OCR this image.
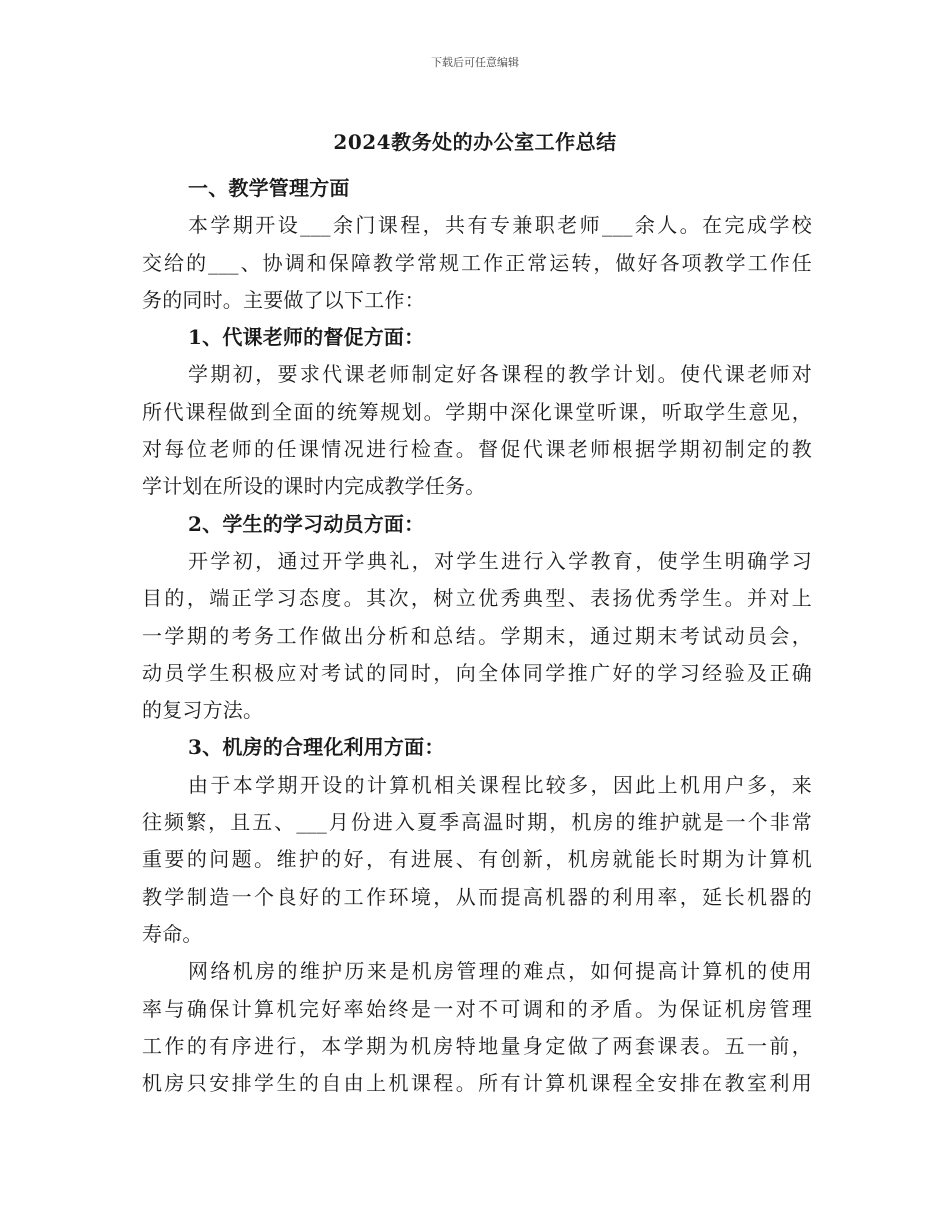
下载后可任意编辑
2024教务处的办公室工作总结
一、教学管理方面
本学期开设___余门课程，共有专兼职老师___余人。在完成学校
交给的___、协调和保障教学常规工作正常运转，做好各项教学工作任
务的同时。主要做了以下工作：
1、代课老师的督促方面：
学期初，要求代课老师制定好各课程的教学计划。使代课老师对
所代课程做到全面的统筹规划。学期中深化课堂听课，听取学生意见，
对每位老师的任课情况进行检查。督促代课老师根据学期初制定的教
学计划在所设的课时内完成教学任务。
2、学生的学习动员方面：
开学初，通过开学典礼，对学生进行入学教育，使学生明确学习
目的，端正学习态度。其次，树立优秀典型、表扬优秀学生。并对上
一学期的考务工作做出分析和总结。学期末，通过期末考试动员会，
动员学生积极应对考试的同时，向全体同学推广好的学习经验及正确
的复习方法。
3、机房的合理化利用方面：
由于本学期开设的计算机相关课程比较多，因此上机用户多，来
往频繁，且五、___月份进入夏季高温时期，机房的维护就是一个非常
重要的问题。维护的好，有进展、有创新，机房就能长时期为计算机
教学制造一个良好的工作环境，从而提高机器的利用率，延长机器的
寿命。
网络机房的维护历来是机房管理的难点，如何提高计算机的使用
率与确保计算机完好率始终是一对不可调和的矛盾。为保证机房管理
工作的有序进行，本学期为机房特地量身定做了两套课表。五一前，
机房只安排学生的自由上机课程。所有计算机课程全安排在教室利用
